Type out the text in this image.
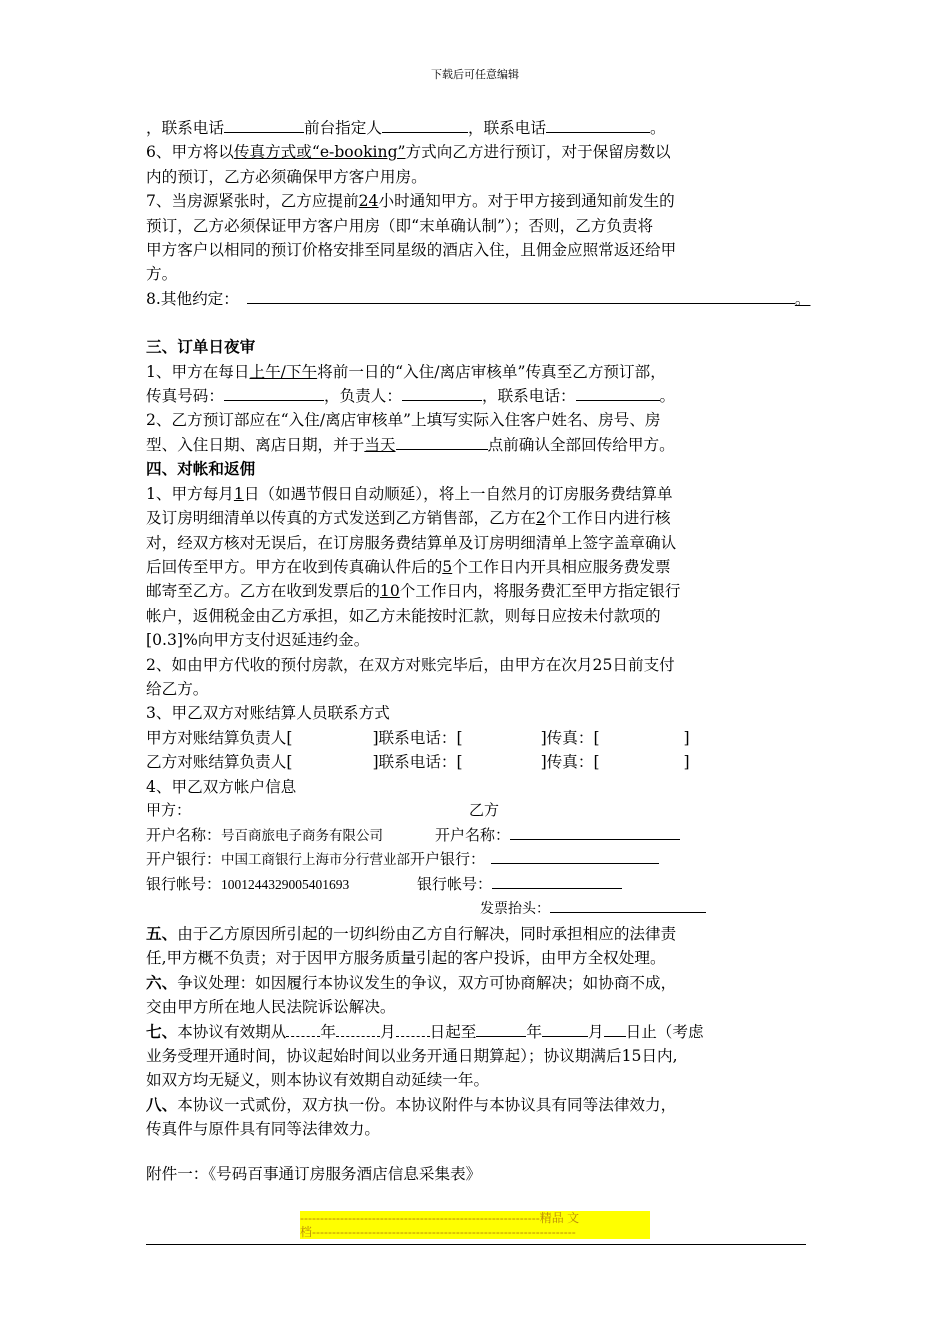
下载后可任意编辑
，联系电话	前台指定人	，联系电话	。
6、甲方将以传真方式或“e-booking”方式向乙方进行预订，对于保留房数以
内的预订，乙方必须确保甲方客户用房。
7、当房源紧张时，乙方应提前24小时通知甲方。对于甲方接到通知前发生的
预订，乙方必须保证甲方客户用房（即“末单确认制”）；否则，乙方负责将
甲方客户以相同的预订价格安排至同星级的酒店入住，且佣金应照常返还给甲
方。
8.其他约定：	。
三、订单日夜审
1、甲方在每日上午/下午将前一日的“入住/离店审核单”传真至乙方预订部，
传真号码：	，负责人：	，联系电话：	。
2、乙方预订部应在“入住/离店审核单”上填写实际入住客户姓名、房号、房
型、入住日期、离店日期，并于当天	点前确认全部回传给甲方。
四、对帐和返佣
1、甲方每月1日（如遇节假日自动顺延），将上一自然月的订房服务费结算单
及订房明细清单以传真的方式发送到乙方销售部，乙方在2个工作日内进行核
对，经双方核对无误后，在订房服务费结算单及订房明细清单上签字盖章确认
后回传至甲方。甲方在收到传真确认件后的5个工作日内开具相应服务费发票
邮寄至乙方。乙方在收到发票后的10个工作日内，将服务费汇至甲方指定银行
帐户，返佣税金由乙方承担，如乙方未能按时汇款，则每日应按未付款项的
[0.3]%向甲方支付迟延违约金。
2、如由甲方代收的预付房款，在双方对账完毕后，由甲方在次月25日前支付
给乙方。
3、甲乙双方对账结算人员联系方式
甲方对账结算负责人[	]联系电话：[	]传真：[	]
乙方对账结算负责人[	]联系电话：[	]传真：[	]
4、甲乙双方帐户信息
甲方：	乙方
开户名称：号百商旅电子商务有限公司	开户名称：
开户银行：中国工商银行上海市分行营业部开户银行：
银行帐号：1001244329005401693	银行帐号：
发票抬头：
五、由于乙方原因所引起的一切纠纷由乙方自行解决，同时承担相应的法律责
任,甲方概不负责；对于因甲方服务质量引起的客户投诉，由甲方全权处理。
六、争议处理：如因履行本协议发生的争议，双方可协商解决；如协商不成，
交由甲方所在地人民法院诉讼解决。
七、本协议有效期从 年	月 日起至	年	月 日止（考虑
业务受理开通时间，协议起始时间以业务开通日期算起）；协议期满后15日内,
如双方均无疑义，则本协议有效期自动延续一年。
八、本协议一式贰份，双方执一份。本协议附件与本协议具有同等法律效力，
传真件与原件具有同等法律效力。
附件一：《号码百事通订房服务酒店信息采集表》
------------------------------------------------------------精品 文
档------------------------------------------------------------------
